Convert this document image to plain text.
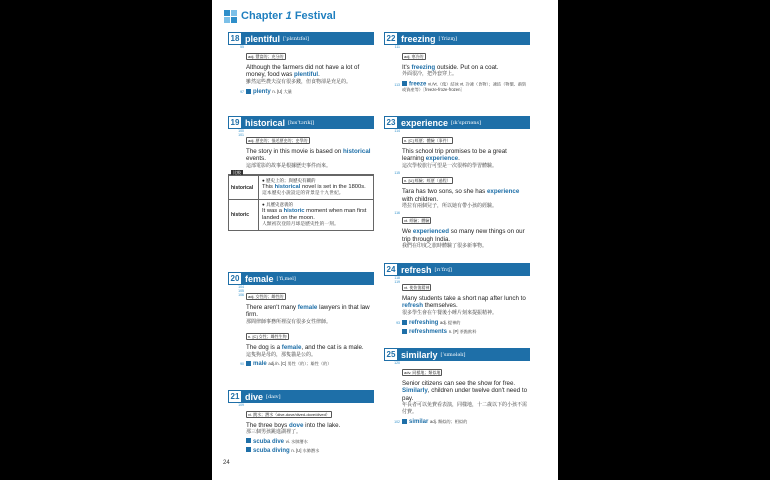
Chapter 1 Festival
18 plentiful [ˈplɛntɪfəl]
55
adj. 豐富的；充分的
Although the farmers did not have a lot of money, food was plentiful.
雖然這些農夫沒有很多錢，但食物卻是充足的。
97 plenty n. [U] 大量
19 historical [hɪsˈtɔrɪkl̩]
100
101
adj. 歷史的；描述歷史的；史學的
The story in this movie is based on historical events.
這部電影的故事是根據歷史事件而來。
比較
historical
● 歷史上的；與歷史有關的
This historical novel is set in the 1800s.
這本歷史小說設定的背景是十九世紀。
historic
● 具歷史意義的
It was a historic moment when man first landed on the moon.
人類初次登陸月球是歷史性的一刻。
20 female [ˈfiˌmel]
104
105
106 adj. 女性的；雌性的
There aren't many female lawyers in that law firm.
那間律師事務所裡沒有很多女性律師。
n. [C] 女性；雌性生物
The dog is a female, and the cat is a male.
這隻狗是母的，那隻貓是公的。
90 male adj./n. [C] 男性（的）；雄性（的）
21 dive [daɪv]
109
vi. 跳水；潛水（dive-dove/dived-dove/dived）
The three boys dove into the lake.
那三個男孩跳進湖裡了。
scuba dive vi. 水肺潛水
scuba diving n. [U] 水肺潛水
22 freezing [ˈfrizɪŋ]
111
adj. 寒冷的
It's freezing outside. Put on a coat.
外面很冷，把外套穿上。
113 freeze vi./vt.（使）結冰 vt. 冷凍（食物）；凍結（物價、薪資或資產等）［freeze-froze-frozen］
23 experience [ɪkˈspɪrɪəns]
114
n. [C] 經歷；體驗（事件）
This school trip promises to be a great learning experience.
這次學校旅行可望是一次很棒的學習體驗。
115
n. [U] 經驗；經歷（過程）
Tara has two sons, so she has experience with children.
塔拉有兩個兒子，所以她有帶小孩的經驗。
116
vt. 經驗；體驗
We experienced so many new things on our trip through India.
我們在印度之旅時體驗了很多新事物。
24 refresh [rɪˈfrɛʃ]
118
119
vt. 使恢復精神
Many students take a short nap after lunch to refresh themselves.
很多學生會在午餐後小睡片刻來提振精神。
93 refreshing adj. 提神的
refreshments n. [P] 茶點飲料
25 similarly [ˈsɪmələlɪ]
120
adv. 同樣地；類似地
Senior citizens can see the show for free. Similarly, children under twelve don't need to pay.
年長者可以免費看表演，同樣地，十二歲以下的小孩不需付費。
102 similar adj. 類似的；相似的
24
